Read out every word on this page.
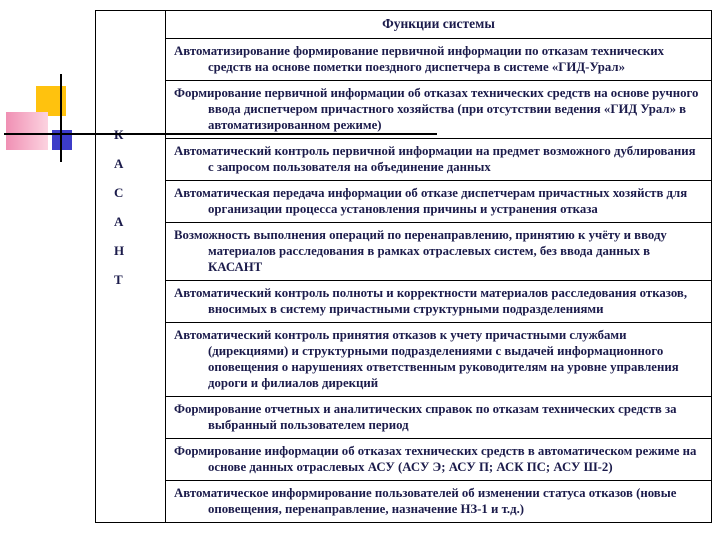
А
С
А
Н
Т
Функции системы
Автоматизирование формирование первичной информации по отказам технических средств на основе пометки поездного диспетчера в системе «ГИД-Урал»
Формирование первичной информации об отказах технических средств на основе ручного ввода диспетчером причастного хозяйства (при отсутствии ведения «ГИД Урал» в автоматизированном режиме)
Автоматический контроль первичной информации на предмет возможного дублирования с запросом пользователя на объединение данных
Автоматическая передача информации об отказе диспетчерам причастных хозяйств для организации процесса установления причины и устранения отказа
Возможность выполнения операций по перенаправлению, принятию к учёту и вводу материалов расследования в рамках отраслевых систем, без ввода данных в КАСАНТ
Автоматический контроль полноты и корректности материалов расследования отказов, вносимых в систему причастными структурными подразделениями
Автоматический контроль принятия отказов к учету причастными службами (дирекциями) и структурными подразделениями с выдачей информационного оповещения о нарушениях ответственным руководителям на уровне управления дороги и филиалов дирекций
Формирование отчетных и аналитических справок по отказам технических средств за выбранный пользователем период
Формирование информации об отказах технических средств в автоматическом режиме на основе данных отраслевых АСУ (АСУ Э; АСУ П; АСК ПС; АСУ Ш-2)
Автоматическое информирование пользователей об изменении статуса отказов (новые оповещения, перенаправление, назначение НЗ-1 и т.д.)
